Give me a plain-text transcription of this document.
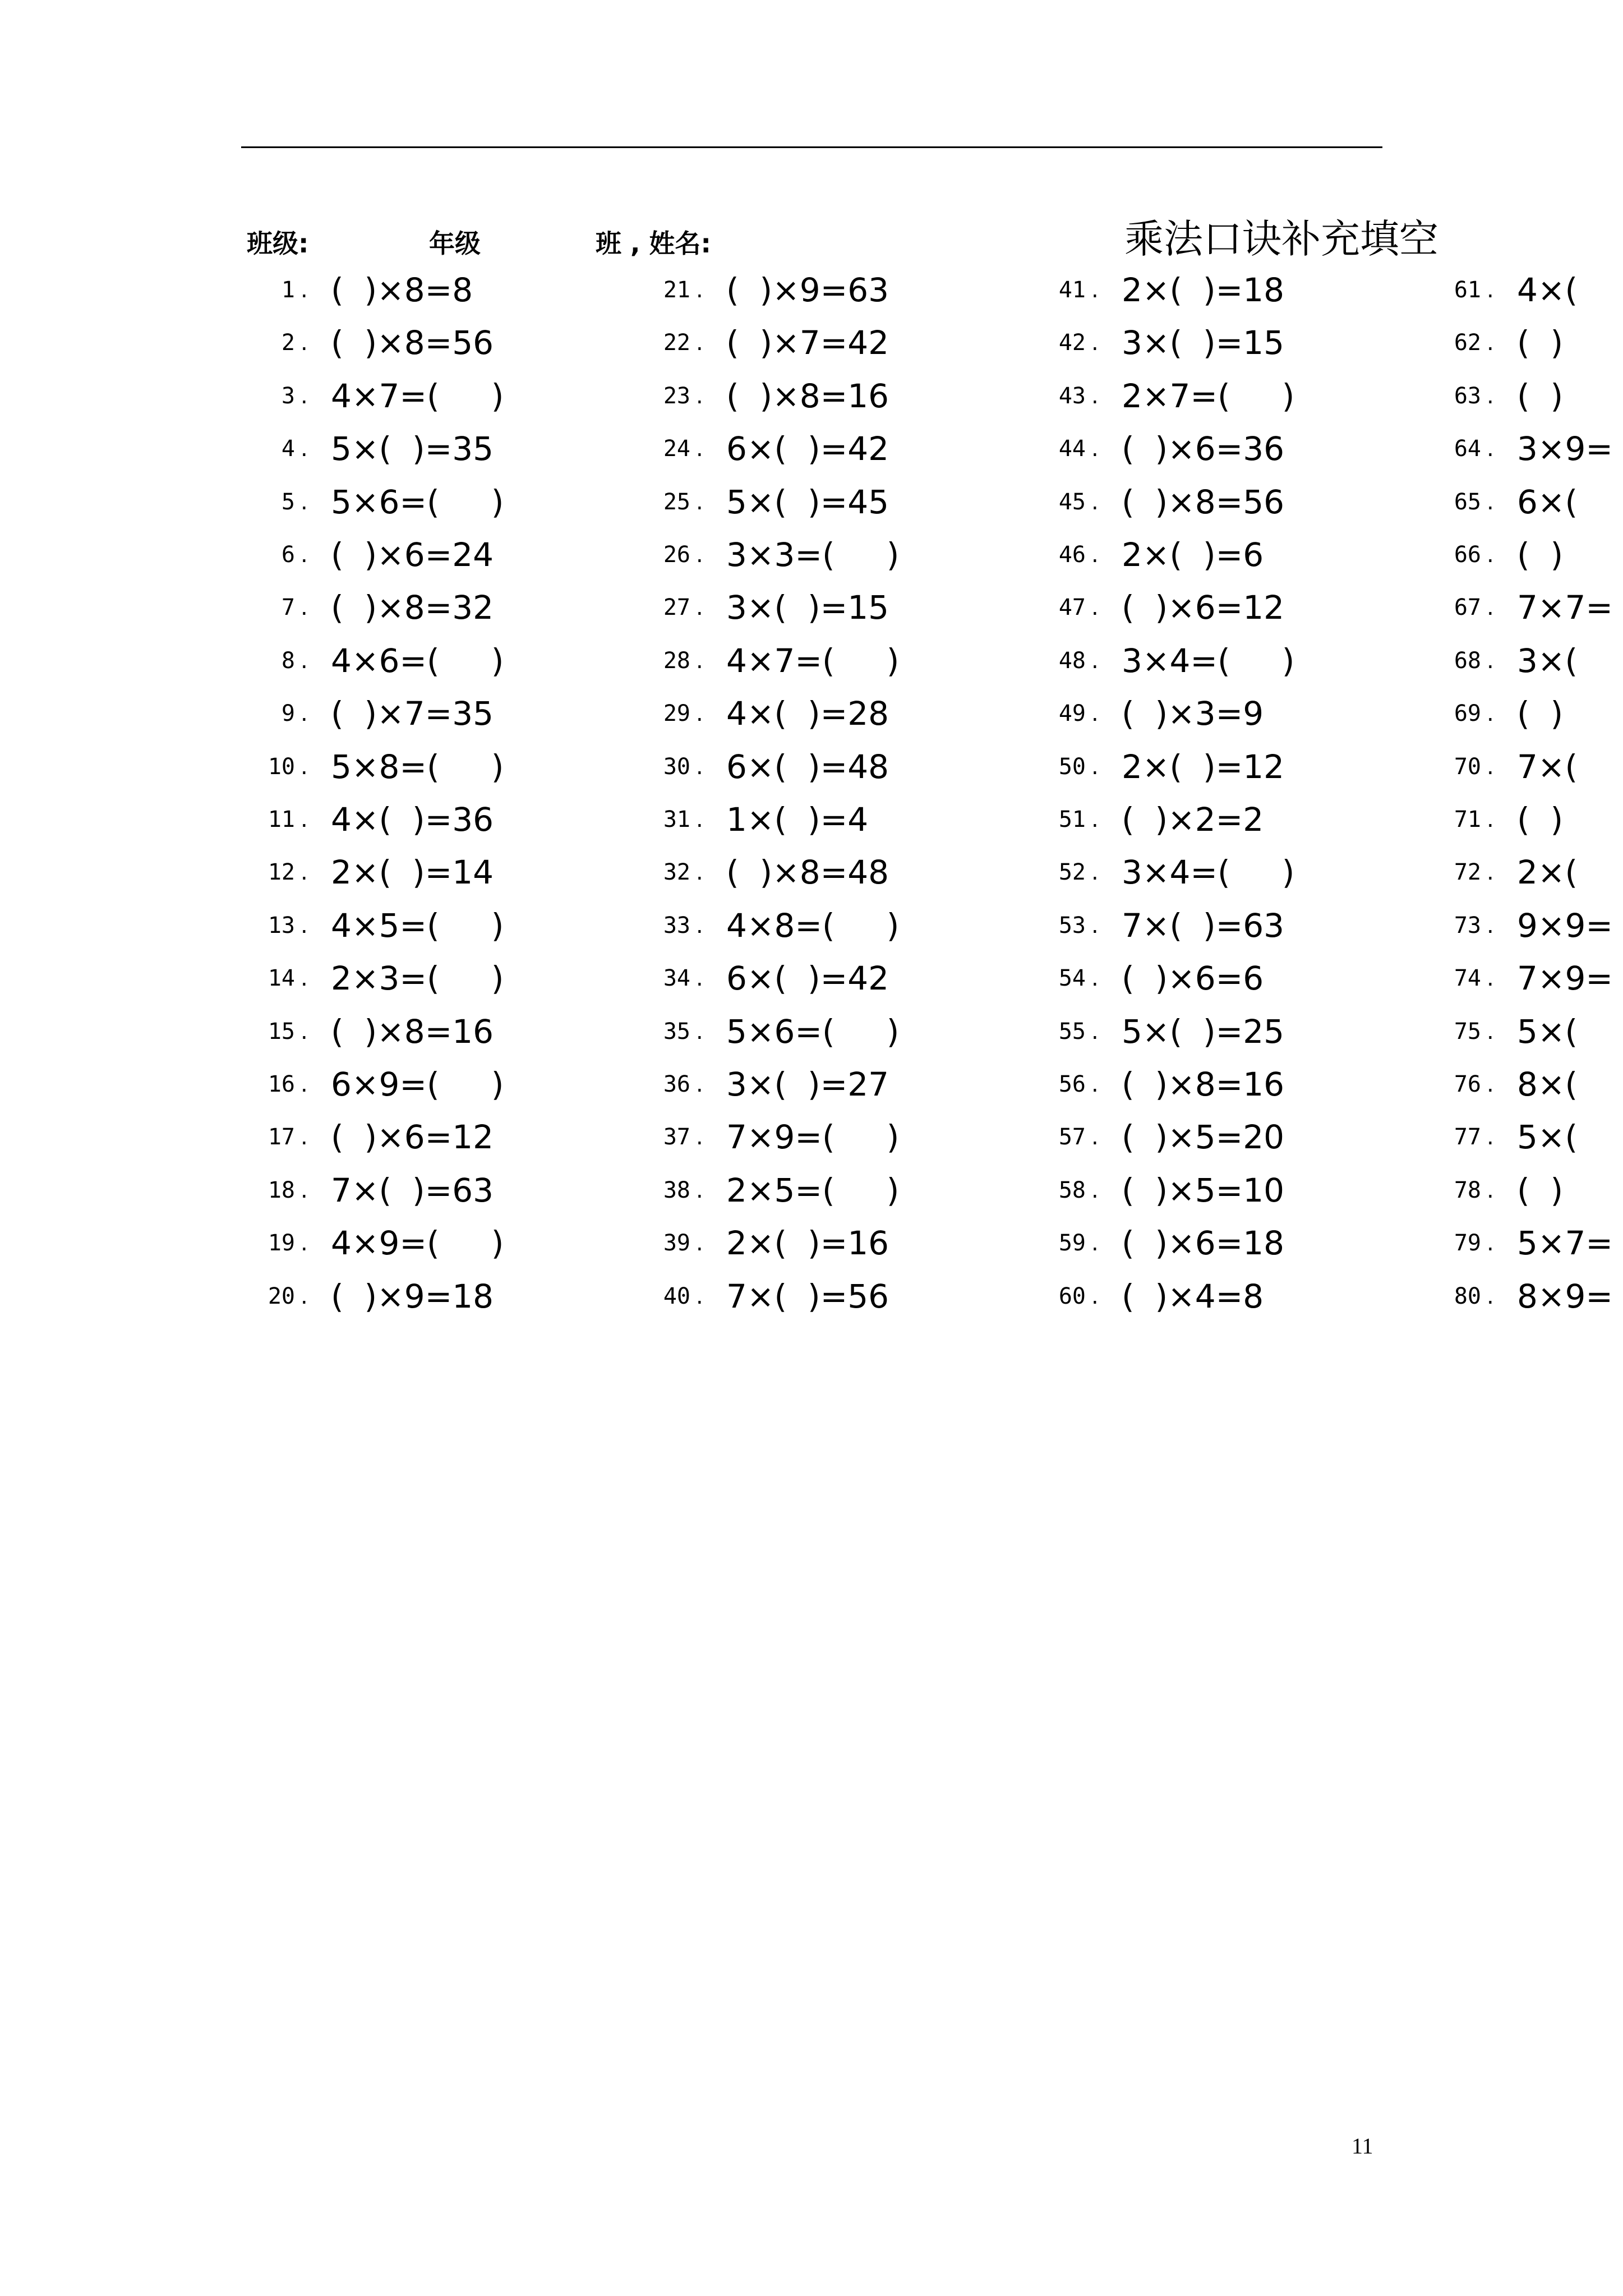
班级:	年级	班 , 姓名:	乘法口诀补充填空
1 . (  )×8=8
2 . (  )×8=56
3 . 4×7=(     )
4 . 5×(  )=35
5 . 5×6=(     )
6 . (  )×6=24
7 . (  )×8=32
8 . 4×6=(     )
9 . (  )×7=35
10 . 5×8=(     )
11 . 4×(  )=36
12 . 2×(  )=14
13 . 4×5=(     )
14 . 2×3=(     )
15 . (  )×8=16
16 . 6×9=(     )
17 . (  )×6=12
18 . 7×(  )=63
19 . 4×9=(     )
20 . (  )×9=18
21 . (  )×9=63
22 . (  )×7=42
23 . (  )×8=16
24 . 6×(  )=42
25 . 5×(  )=45
26 . 3×3=(     )
27 . 3×(  )=15
28 . 4×7=(     )
29 . 4×(  )=28
30 . 6×(  )=48
31 . 1×(  )=4
32 . (  )×8=48
33 . 4×8=(     )
34 . 6×(  )=42
35 . 5×6=(     )
36 . 3×(  )=27
37 . 7×9=(     )
38 . 2×5=(     )
39 . 2×(  )=16
40 . 7×(  )=56
41 . 2×(  )=18
42 . 3×(  )=15
43 . 2×7=(     )
44 . (  )×6=36
45 . (  )×8=56
46 . 2×(  )=6
47 . (  )×6=12
48 . 3×4=(     )
49 . (  )×3=9
50 . 2×(  )=12
51 . (  )×2=2
52 . 3×4=(     )
53 . 7×(  )=63
54 . (  )×6=6
55 . 5×(  )=25
56 . (  )×8=16
57 . (  )×5=20
58 . (  )×5=10
59 . (  )×6=18
60 . (  )×4=8
61 . 4×(
62 . (  )
63 . (  )
64 . 3×9=
65 . 6×(
66 . (  )
67 . 7×7=
68 . 3×(
69 . (  )
70 . 7×(
71 . (  )
72 . 2×(
73 . 9×9=
74 . 7×9=
75 . 5×(
76 . 8×(
77 . 5×(
78 . (  )
79 . 5×7=
80 . 8×9=
11
